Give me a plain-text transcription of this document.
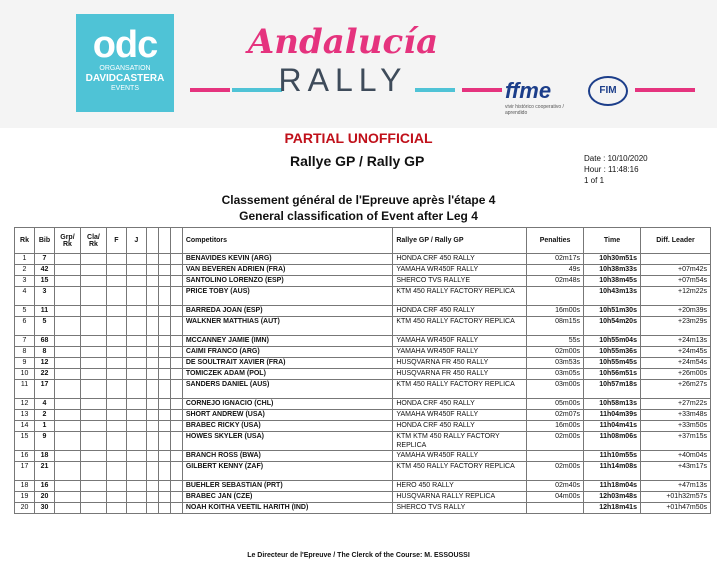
odc
ORGANSATION
DAVIDCASTERA
EVENTS
Andalucía
RALLY	ffme
vivir histórico cooperativo / aprendido
FIM
PARTIAL UNOFFICIAL
Rallye GP / Rally GP	Date : 10/10/2020
Hour : 11:48:16
1 of 1
Classement général de l'Epreuve après l'étape 4
General classification of Event after Leg 4
Rk	Bib	Grp/ Rk	Cla/ Rk	F	J				Competitors	Rallye GP / Rally GP	Penalties	Time	Diff. Leader
1	7								BENAVIDES KEVIN (ARG)	HONDA CRF 450 RALLY	02m17s	10h30m51s	
2	42								VAN BEVEREN ADRIEN (FRA)	YAMAHA WR450F RALLY	49s	10h38m33s	+07m42s
3	15								SANTOLINO LORENZO (ESP)	SHERCO TVS RALLYE	02m48s	10h38m45s	+07m54s
4	3								PRICE TOBY (AUS)	KTM 450 RALLY FACTORY REPLICA		10h43m13s	+12m22s
5	11								BARREDA JOAN (ESP)	HONDA CRF 450 RALLY	16m00s	10h51m30s	+20m39s
6	5								WALKNER MATTHIAS (AUT)	KTM 450 RALLY FACTORY REPLICA	08m15s	10h54m20s	+23m29s
7	68								MCCANNEY JAMIE (IMN)	YAMAHA WR450F RALLY	55s	10h55m04s	+24m13s
8	8								CAIMI FRANCO (ARG)	YAMAHA WR450F RALLY	02m00s	10h55m36s	+24m45s
9	12								DE SOULTRAIT XAVIER (FRA)	HUSQVARNA FR 450 RALLY	03m53s	10h55m45s	+24m54s
10	22								TOMICZEK ADAM (POL)	HUSQVARNA FR 450 RALLY	03m05s	10h56m51s	+26m00s
11	17								SANDERS DANIEL (AUS)	KTM 450 RALLY FACTORY REPLICA	03m00s	10h57m18s	+26m27s
12	4								CORNEJO IGNACIO (CHL)	HONDA CRF 450 RALLY	05m00s	10h58m13s	+27m22s
13	2								SHORT ANDREW (USA)	YAMAHA WR450F RALLY	02m07s	11h04m39s	+33m48s
14	1								BRABEC RICKY (USA)	HONDA CRF 450 RALLY	16m00s	11h04m41s	+33m50s
15	9								HOWES SKYLER (USA)	KTM KTM 450 RALLY FACTORY REPLICA	02m00s	11h08m06s	+37m15s
16	18								BRANCH ROSS (BWA)	YAMAHA WR450F RALLY		11h10m55s	+40m04s
17	21								GILBERT KENNY (ZAF)	KTM 450 RALLY FACTORY REPLICA	02m00s	11h14m08s	+43m17s
18	16								BUEHLER SEBASTIAN (PRT)	HERO 450 RALLY	02m40s	11h18m04s	+47m13s
19	20								BRABEC JAN (CZE)	HUSQVARNA RALLY REPLICA	04m00s	12h03m48s	+01h32m57s
20	30								NOAH KOITHA VEETIL HARITH (IND)	SHERCO TVS RALLY		12h18m41s	+01h47m50s
Le Directeur de l'Epreuve / The Clerck of the Course: M. ESSOUSSI
